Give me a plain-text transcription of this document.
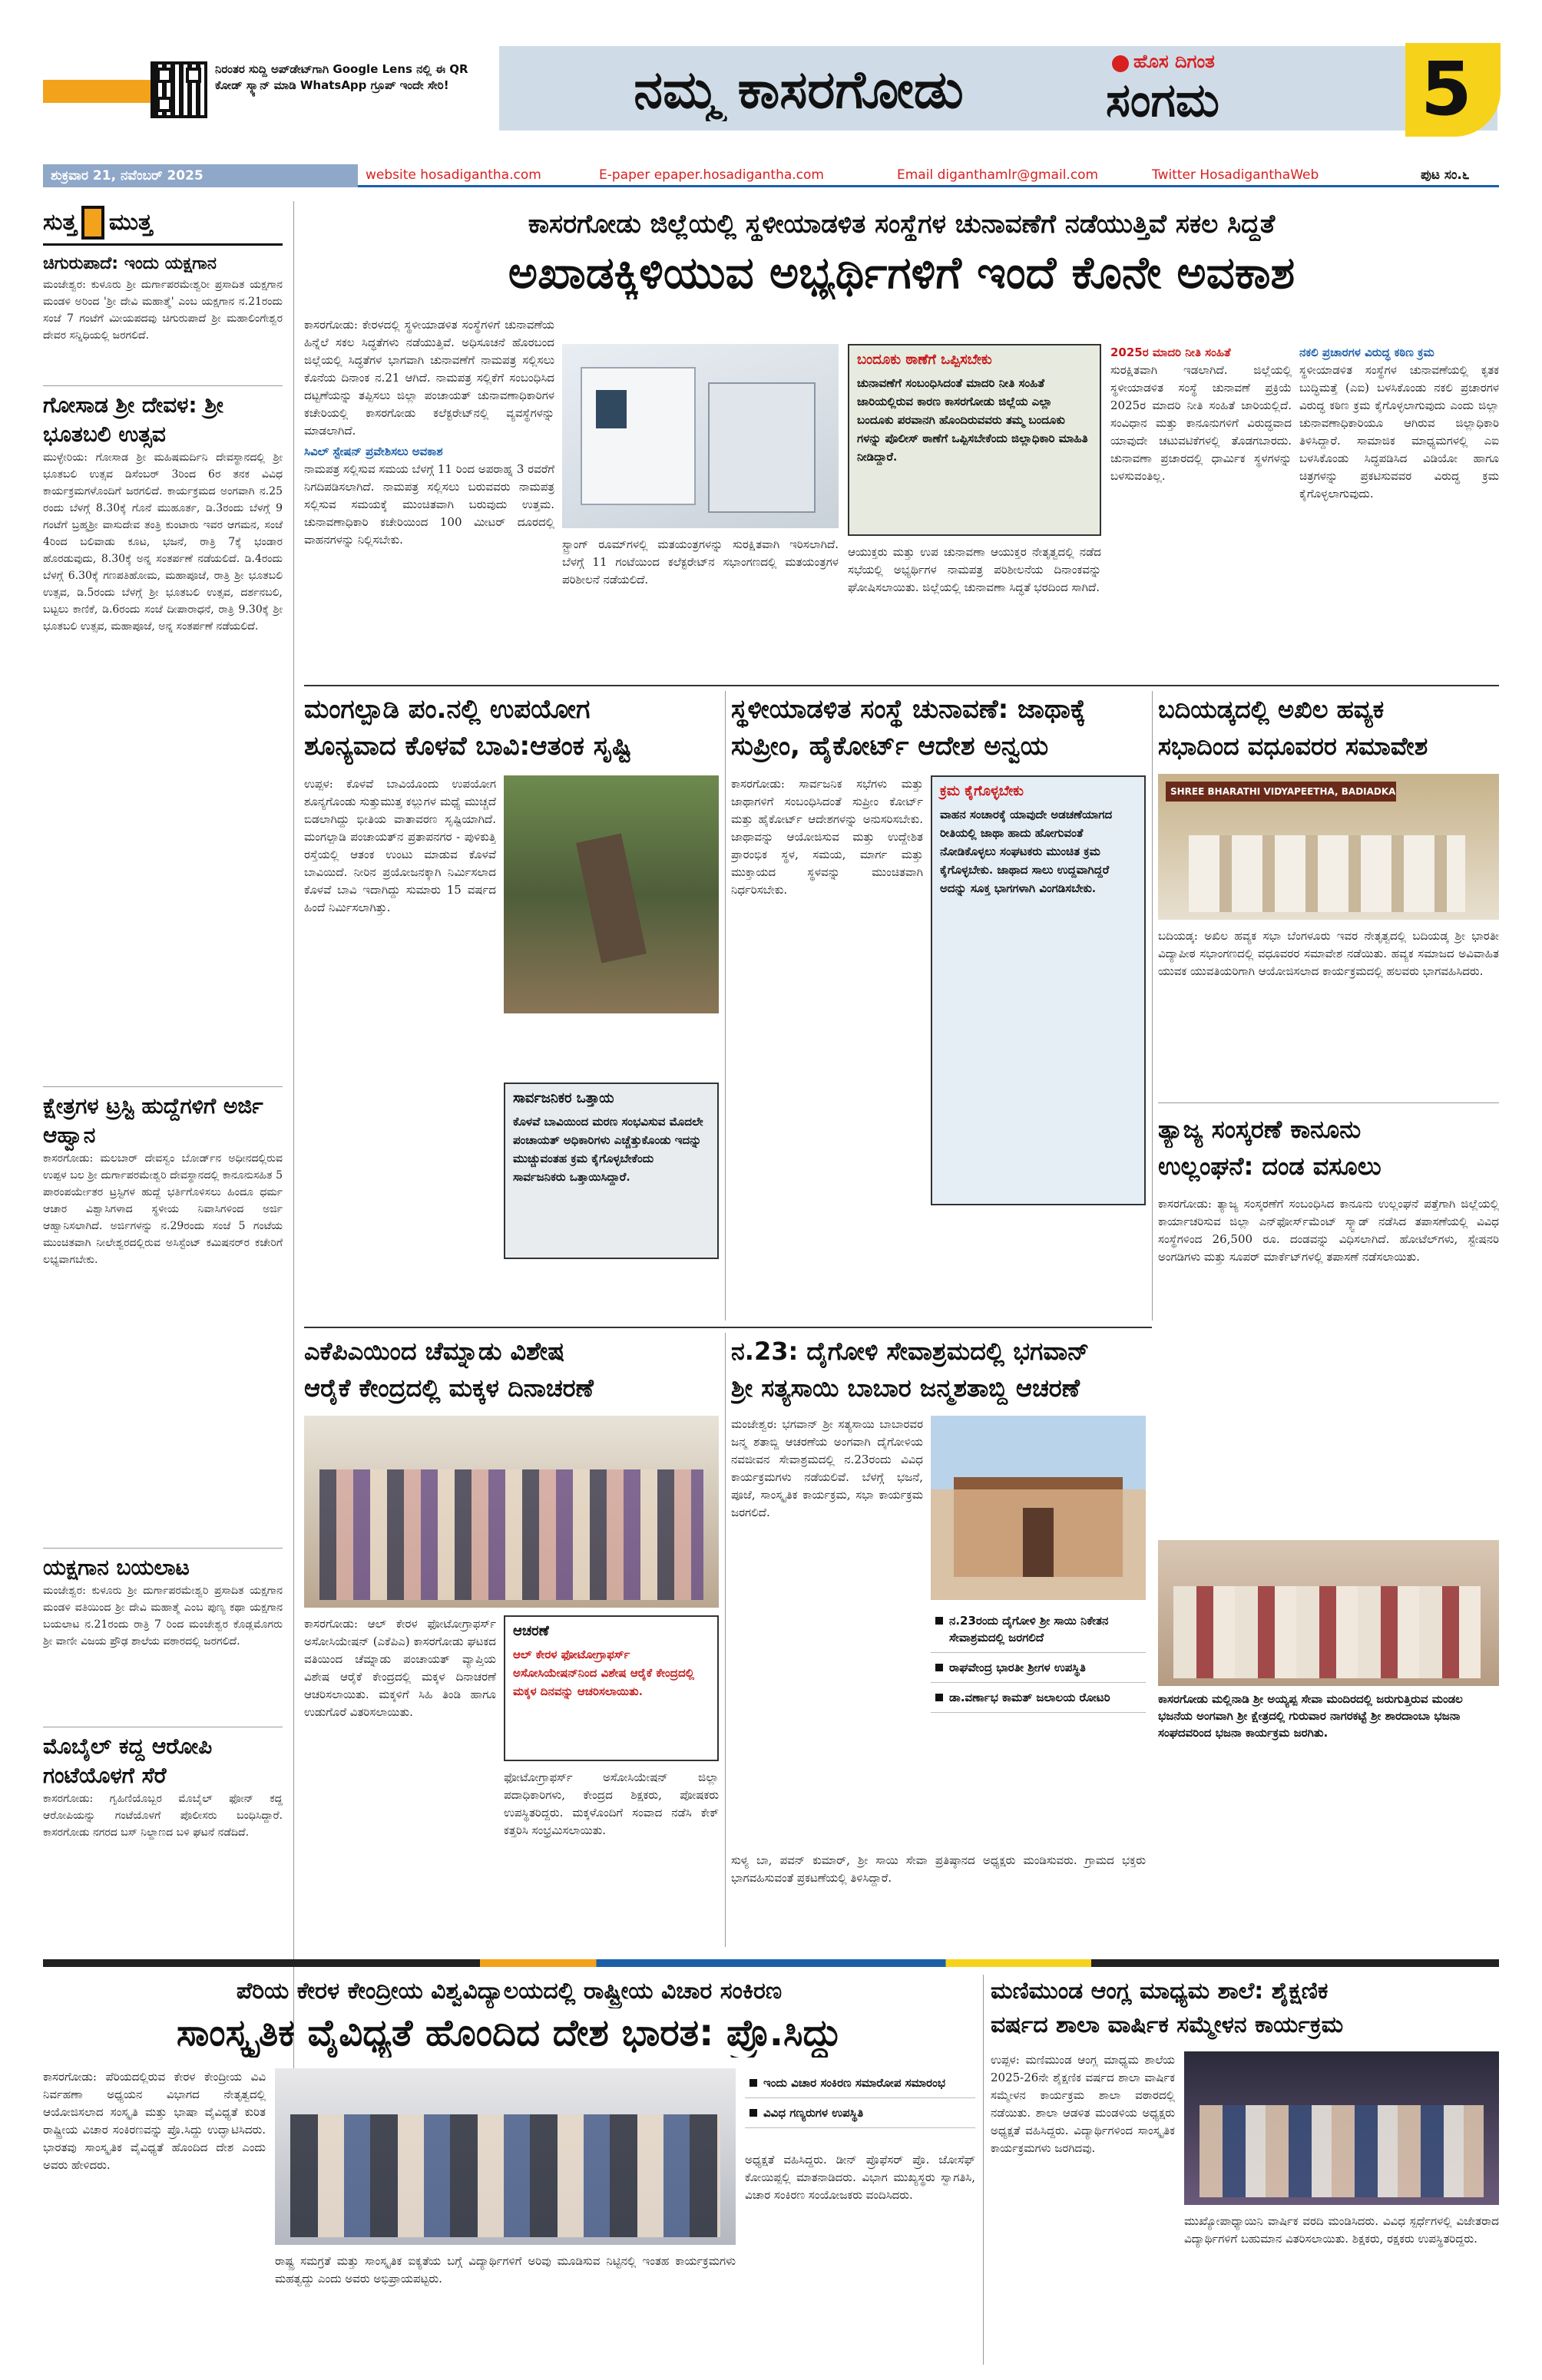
ನಿರಂತರ ಸುದ್ದಿ ಅಪ್‌ಡೇಟ್‌ಗಾಗಿ Google Lens ನಲ್ಲಿ ಈ QR ಕೋಡ್ ಸ್ಕ್ಯಾನ್ ಮಾಡಿ WhatsApp ಗ್ರೂಪ್ ಇಂದೇ ಸೇರಿ!	ನಮ್ಮ ಕಾಸರಗೋಡು	ಹೊಸ ದಿಗಂತ
ಸಂಗಮ	5
ಶುಕ್ರವಾರ 21, ನವೆಂಬರ್ 2025	website hosadigantha.com	E-paper epaper.hosadigantha.com	Email diganthamlr@gmail.com	Twitter HosadiganthaWeb	ಪುಟ ಸಂ.೬
ಸುತ್ತ ಮುತ್ತ
ಚಿಗುರುಪಾದೆ: ಇಂದು ಯಕ್ಷಗಾನ
ಮಂಜೇಶ್ವರ: ಕುಳೂರು ಶ್ರೀ ದುರ್ಗಾಪರಮೇಶ್ವರೀ ಪ್ರಸಾದಿತ ಯಕ್ಷಗಾನ ಮಂಡಳಿ ಅರಿಂದ 'ಶ್ರೀ ದೇವಿ ಮಹಾತ್ಮೆ' ಎಂಬ ಯಕ್ಷಗಾನ ನ.21ರಂದು ಸಂಜೆ 7 ಗಂಟೆಗೆ ಮೀಯಪದವು ಚಿಗುರುಪಾದೆ ಶ್ರೀ ಮಹಾಲಿಂಗೇಶ್ವರ ದೇವರ ಸನ್ನಿಧಿಯಲ್ಲಿ ಜರಗಲಿದೆ.
ಗೋಸಾಡ ಶ್ರೀ ದೇವಳ: ಶ್ರೀ ಭೂತಬಲಿ ಉತ್ಸವ
ಮುಳ್ಳೇರಿಯ: ಗೋಸಾಡ ಶ್ರೀ ಮಹಿಷಮರ್ದಿನಿ ದೇವಸ್ಥಾನದಲ್ಲಿ ಶ್ರೀ ಭೂತಬಲಿ ಉತ್ಸವ ಡಿಸೆಂಬರ್ 3ರಿಂದ 6ರ ತನಕ ವಿವಿಧ ಕಾರ್ಯಕ್ರಮಗಳೊಂದಿಗೆ ಜರಗಲಿದೆ. ಕಾರ್ಯಕ್ರಮದ ಅಂಗವಾಗಿ ನ.25 ರಂದು ಬೆಳಗ್ಗೆ 8.30ಕ್ಕೆ ಗೊನೆ ಮುಹೂರ್ತ, ಡಿ.3ರಂದು ಬೆಳಗ್ಗೆ 9 ಗಂಟೆಗೆ ಬ್ರಹ್ಮಶ್ರೀ ವಾಸುದೇವ ತಂತ್ರಿ ಕುಂಟಾರು ಇವರ ಆಗಮನ, ಸಂಜೆ 4ರಿಂದ ಬಲಿವಾಡು ಕೂಟ, ಭಜನೆ, ರಾತ್ರಿ 7ಕ್ಕೆ ಭಂಡಾರ ಹೊರಡುವುದು, 8.30ಕ್ಕೆ ಅನ್ನ ಸಂತರ್ಪಣೆ ನಡೆಯಲಿದೆ. ಡಿ.4ರಂದು ಬೆಳಗ್ಗೆ 6.30ಕ್ಕೆ ಗಣಪತಿಹೋಮ, ಮಹಾಪೂಜೆ, ರಾತ್ರಿ ಶ್ರೀ ಭೂತಬಲಿ ಉತ್ಸವ, ಡಿ.5ರಂದು ಬೆಳಗ್ಗೆ ಶ್ರೀ ಭೂತಬಲಿ ಉತ್ಸವ, ದರ್ಶನಬಲಿ, ಬಟ್ಟಲು ಕಾಣಿಕೆ, ಡಿ.6ರಂದು ಸಂಜೆ ದೀಪಾರಾಧನೆ, ರಾತ್ರಿ 9.30ಕ್ಕೆ ಶ್ರೀ ಭೂತಬಲಿ ಉತ್ಸವ, ಮಹಾಪೂಜೆ, ಅನ್ನ ಸಂತರ್ಪಣೆ ನಡೆಯಲಿದೆ.
ಕ್ಷೇತ್ರಗಳ ಟ್ರಸ್ಟಿ ಹುದ್ದೆಗಳಿಗೆ ಅರ್ಜಿ ಆಹ್ವಾನ
ಕಾಸರಗೋಡು: ಮಲಬಾರ್ ದೇವಸ್ವಂ ಬೋರ್ಡ್‌ನ ಅಧೀನದಲ್ಲಿರುವ ಉಪ್ಪಳ ಬಲ ಶ್ರೀ ದುರ್ಗಾಪರಮೇಶ್ವರಿ ದೇವಸ್ಥಾನದಲ್ಲಿ ಕಾನೂನುಸಹಿತ 5 ಪಾರಂಪರ್ಯೇತರ ಟ್ರಸ್ಟಿಗಳ ಹುದ್ದೆ ಭರ್ತಿಗೊಳಿಸಲು ಹಿಂದೂ ಧರ್ಮ ಆಚಾರ ವಿಶ್ವಾಸಿಗಳಾದ ಸ್ಥಳೀಯ ನಿವಾಸಿಗಳಿಂದ ಅರ್ಜಿ ಆಹ್ವಾನಿಸಲಾಗಿದೆ. ಅರ್ಜಿಗಳನ್ನು ನ.29ರಂದು ಸಂಜೆ 5 ಗಂಟೆಯ ಮುಂಚಿತವಾಗಿ ನೀಲೇಶ್ವರದಲ್ಲಿರುವ ಅಸಿಸ್ಟೆಂಟ್ ಕಮಿಷನರ್‌ರ ಕಚೇರಿಗೆ ಲಭ್ಯವಾಗಬೇಕು.
ಯಕ್ಷಗಾನ ಬಯಲಾಟ
ಮಂಜೇಶ್ವರ: ಕುಳೂರು ಶ್ರೀ ದುರ್ಗಾಪರಮೇಶ್ವರಿ ಪ್ರಸಾದಿತ ಯಕ್ಷಗಾನ ಮಂಡಳಿ ವತಿಯಿಂದ ಶ್ರೀ ದೇವಿ ಮಹಾತ್ಮೆ ಎಂಬ ಪುಣ್ಯ ಕಥಾ ಯಕ್ಷಗಾನ ಬಯಲಾಟ ನ.21ರಂದು ರಾತ್ರಿ 7 ರಿಂದ ಮಂಜೇಶ್ವರ ಕೊಡ್ಲಮೊಗರು ಶ್ರೀ ವಾಣೀ ವಿಜಯ ಪ್ರೌಢ ಶಾಲೆಯ ವಠಾರದಲ್ಲಿ ಜರಗಲಿದೆ.
ಮೊಬೈಲ್ ಕದ್ದ ಆರೋಪಿ ಗಂಟೆಯೊಳಗೆ ಸೆರೆ
ಕಾಸರಗೋಡು: ಗೃಹಿಣಿಯೊಬ್ಬರ ಮೊಬೈಲ್ ಫೋನ್ ಕದ್ದ ಆರೋಪಿಯನ್ನು ಗಂಟೆಯೊಳಗೆ ಪೊಲೀಸರು ಬಂಧಿಸಿದ್ದಾರೆ. ಕಾಸರಗೋಡು ನಗರದ ಬಸ್ ನಿಲ್ದಾಣದ ಬಳಿ ಘಟನೆ ನಡೆದಿದೆ.
ಕಾಸರಗೋಡು ಜಿಲ್ಲೆಯಲ್ಲಿ ಸ್ಥಳೀಯಾಡಳಿತ ಸಂಸ್ಥೆಗಳ ಚುನಾವಣೆಗೆ ನಡೆಯುತ್ತಿವೆ ಸಕಲ ಸಿದ್ಧತೆ
ಅಖಾಡಕ್ಕಿಳಿಯುವ ಅಭ್ಯರ್ಥಿಗಳಿಗೆ ಇಂದೆ ಕೊನೇ ಅವಕಾಶ
ಕಾಸರಗೋಡು: ಕೇರಳದಲ್ಲಿ ಸ್ಥಳೀಯಾಡಳಿತ ಸಂಸ್ಥೆಗಳಿಗೆ ಚುನಾವಣೆಯ ಹಿನ್ನೆಲೆ ಸಕಲ ಸಿದ್ಧತೆಗಳು ನಡೆಯುತ್ತಿವೆ. ಅಧಿಸೂಚನೆ ಹೊರಬಂದ ಜಿಲ್ಲೆಯಲ್ಲಿ ಸಿದ್ಧತೆಗಳ ಭಾಗವಾಗಿ ಚುನಾವಣೆಗೆ ನಾಮಪತ್ರ ಸಲ್ಲಿಸಲು ಕೊನೆಯ ದಿನಾಂಕ ನ.21 ಆಗಿದೆ. ನಾಮಪತ್ರ ಸಲ್ಲಿಕೆಗೆ ಸಂಬಂಧಿಸಿದ ದಟ್ಟಣೆಯನ್ನು ತಪ್ಪಿಸಲು ಜಿಲ್ಲಾ ಪಂಚಾಯತ್ ಚುನಾವಣಾಧಿಕಾರಿಗಳ ಕಚೇರಿಯಲ್ಲಿ ಕಾಸರಗೋಡು ಕಲೆಕ್ಟರೇಟ್‌ನಲ್ಲಿ ವ್ಯವಸ್ಥೆಗಳನ್ನು ಮಾಡಲಾಗಿದೆ.
ಸಿವಿಲ್ ಸ್ಟೇಷನ್ ಪ್ರವೇಶಿಸಲು ಅವಕಾಶ
ನಾಮಪತ್ರ ಸಲ್ಲಿಸುವ ಸಮಯ ಬೆಳಗ್ಗೆ 11 ರಿಂದ ಅಪರಾಹ್ನ 3 ರವರೆಗೆ ನಿಗದಿಪಡಿಸಲಾಗಿದೆ. ನಾಮಪತ್ರ ಸಲ್ಲಿಸಲು ಬರುವವರು ನಾಮಪತ್ರ ಸಲ್ಲಿಸುವ ಸಮಯಕ್ಕೆ ಮುಂಚಿತವಾಗಿ ಬರುವುದು ಉತ್ತಮ. ಚುನಾವಣಾಧಿಕಾರಿ ಕಚೇರಿಯಿಂದ 100 ಮೀಟರ್ ದೂರದಲ್ಲಿ ವಾಹನಗಳನ್ನು ನಿಲ್ಲಿಸಬೇಕು.	ಸ್ಟ್ರಾಂಗ್ ರೂಮ್‌ಗಳಲ್ಲಿ ಮತಯಂತ್ರಗಳನ್ನು ಸುರಕ್ಷಿತವಾಗಿ ಇರಿಸಲಾಗಿದೆ. ಬೆಳಗ್ಗೆ 11 ಗಂಟೆಯಿಂದ ಕಲೆಕ್ಟರೇಟ್‌ನ ಸಭಾಂಗಣದಲ್ಲಿ ಮತಯಂತ್ರಗಳ ಪರಿಶೀಲನೆ ನಡೆಯಲಿದೆ.
ಬಂದೂಕು ಠಾಣೆಗೆ ಒಪ್ಪಿಸಬೇಕು
ಚುನಾವಣೆಗೆ ಸಂಬಂಧಿಸಿದಂತೆ ಮಾದರಿ ನೀತಿ ಸಂಹಿತೆ ಜಾರಿಯಲ್ಲಿರುವ ಕಾರಣ ಕಾಸರಗೋಡು ಜಿಲ್ಲೆಯ ಎಲ್ಲಾ ಬಂದೂಕು ಪರವಾನಗಿ ಹೊಂದಿರುವವರು ತಮ್ಮ ಬಂದೂಕು ಗಳನ್ನು ಪೊಲೀಸ್ ಠಾಣೆಗೆ ಒಪ್ಪಿಸಬೇಕೆಂದು ಜಿಲ್ಲಾಧಿಕಾರಿ ಮಾಹಿತಿ ನೀಡಿದ್ದಾರೆ.
ಆಯುಕ್ತರು ಮತ್ತು ಉಪ ಚುನಾವಣಾ ಆಯುಕ್ತರ ನೇತೃತ್ವದಲ್ಲಿ ನಡೆದ ಸಭೆಯಲ್ಲಿ ಅಭ್ಯರ್ಥಿಗಳ ನಾಮಪತ್ರ ಪರಿಶೀಲನೆಯ ದಿನಾಂಕವನ್ನು ಘೋಷಿಸಲಾಯಿತು. ಜಿಲ್ಲೆಯಲ್ಲಿ ಚುನಾವಣಾ ಸಿದ್ಧತೆ ಭರದಿಂದ ಸಾಗಿದೆ.
2025ರ ಮಾದರಿ ನೀತಿ ಸಂಹಿತೆ
ಸುರಕ್ಷಿತವಾಗಿ ಇಡಲಾಗಿದೆ. ಜಿಲ್ಲೆಯಲ್ಲಿ ಸ್ಥಳೀಯಾಡಳಿತ ಸಂಸ್ಥೆ ಚುನಾವಣೆ ಪ್ರಕ್ರಿಯೆ 2025ರ ಮಾದರಿ ನೀತಿ ಸಂಹಿತೆ ಜಾರಿಯಲ್ಲಿದೆ. ಸಂವಿಧಾನ ಮತ್ತು ಕಾನೂನುಗಳಿಗೆ ವಿರುದ್ಧವಾದ ಯಾವುದೇ ಚಟುವಟಿಕೆಗಳಲ್ಲಿ ತೊಡಗಬಾರದು. ಚುನಾವಣಾ ಪ್ರಚಾರದಲ್ಲಿ ಧಾರ್ಮಿಕ ಸ್ಥಳಗಳನ್ನು ಬಳಸುವಂತಿಲ್ಲ.
ನಕಲಿ ಪ್ರಚಾರಗಳ ವಿರುದ್ಧ ಕಠಿಣ ಕ್ರಮ
ಸ್ಥಳೀಯಾಡಳಿತ ಸಂಸ್ಥೆಗಳ ಚುನಾವಣೆಯಲ್ಲಿ ಕೃತಕ ಬುದ್ಧಿಮತ್ತೆ (ಎಐ) ಬಳಸಿಕೊಂಡು ನಕಲಿ ಪ್ರಚಾರಗಳ ವಿರುದ್ಧ ಕಠಿಣ ಕ್ರಮ ಕೈಗೊಳ್ಳಲಾಗುವುದು ಎಂದು ಜಿಲ್ಲಾ ಚುನಾವಣಾಧಿಕಾರಿಯೂ ಆಗಿರುವ ಜಿಲ್ಲಾಧಿಕಾರಿ ತಿಳಿಸಿದ್ದಾರೆ. ಸಾಮಾಜಿಕ ಮಾಧ್ಯಮಗಳಲ್ಲಿ ಎಐ ಬಳಸಿಕೊಂಡು ಸಿದ್ಧಪಡಿಸಿದ ವಿಡಿಯೋ ಹಾಗೂ ಚಿತ್ರಗಳನ್ನು ಪ್ರಕಟಿಸುವವರ ವಿರುದ್ಧ ಕ್ರಮ ಕೈಗೊಳ್ಳಲಾಗುವುದು.
ಮಂಗಲ್ಪಾಡಿ ಪಂ.ನಲ್ಲಿ ಉಪಯೋಗ
ಶೂನ್ಯವಾದ ಕೊಳವೆ ಬಾವಿ:ಆತಂಕ ಸೃಷ್ಟಿ
ಉಪ್ಪಳ: ಕೊಳವೆ ಬಾವಿಯೊಂದು ಉಪಯೋಗ ಶೂನ್ಯಗೊಂಡು ಸುತ್ತುಮುತ್ತ ಕಲ್ಲುಗಳ ಮಧ್ಯೆ ಮುಚ್ಚದೆ ಬಿಡಲಾಗಿದ್ದು ಭೀತಿಯ ವಾತಾವರಣ ಸೃಷ್ಟಿಯಾಗಿದೆ. ಮಂಗಲ್ಪಾಡಿ ಪಂಚಾಯತ್‌ನ ಪ್ರತಾಪನಗರ - ಪುಳಿಕುತ್ತಿ ರಸ್ತೆಯಲ್ಲಿ ಆತಂಕ ಉಂಟು ಮಾಡುವ ಕೊಳವೆ ಬಾವಿಯಿದೆ. ನೀರಿನ ಪ್ರಯೋಜನಕ್ಕಾಗಿ ನಿರ್ಮಿಸಲಾದ ಕೊಳವೆ ಬಾವಿ ಇದಾಗಿದ್ದು ಸುಮಾರು 15 ವರ್ಷದ ಹಿಂದೆ ನಿರ್ಮಿಸಲಾಗಿತ್ತು.
ಸಾರ್ವಜನಿಕರ ಒತ್ತಾಯ
ಕೊಳವೆ ಬಾವಿಯಿಂದ ಮರಣ ಸಂಭವಿಸುವ ಮೊದಲೇ ಪಂಚಾಯತ್ ಅಧಿಕಾರಿಗಳು ಎಚ್ಚೆತ್ತುಕೊಂಡು ಇದನ್ನು ಮುಚ್ಚುವಂತಹ ಕ್ರಮ ಕೈಗೊಳ್ಳಬೇಕೆಂದು ಸಾರ್ವಜನಿಕರು ಒತ್ತಾಯಿಸಿದ್ದಾರೆ.
ಸ್ಥಳೀಯಾಡಳಿತ ಸಂಸ್ಥೆ ಚುನಾವಣೆ: ಜಾಥಾಕ್ಕೆ
ಸುಪ್ರೀಂ, ಹೈಕೋರ್ಟ್ ಆದೇಶ ಅನ್ವಯ
ಕಾಸರಗೋಡು: ಸಾರ್ವಜನಿಕ ಸಭೆಗಳು ಮತ್ತು ಜಾಥಾಗಳಿಗೆ ಸಂಬಂಧಿಸಿದಂತೆ ಸುಪ್ರೀಂ ಕೋರ್ಟ್ ಮತ್ತು ಹೈಕೋರ್ಟ್ ಆದೇಶಗಳನ್ನು ಅನುಸರಿಸಬೇಕು. ಜಾಥಾವನ್ನು ಆಯೋಜಿಸುವ ಮತ್ತು ಉದ್ದೇಶಿತ ಪ್ರಾರಂಭಿಕ ಸ್ಥಳ, ಸಮಯ, ಮಾರ್ಗ ಮತ್ತು ಮುಕ್ತಾಯದ ಸ್ಥಳವನ್ನು ಮುಂಚಿತವಾಗಿ ನಿರ್ಧರಿಸಬೇಕು.
ಕ್ರಮ ಕೈಗೊಳ್ಳಬೇಕು
ವಾಹನ ಸಂಚಾರಕ್ಕೆ ಯಾವುದೇ ಅಡಚಣೆಯಾಗದ ರೀತಿಯಲ್ಲಿ ಜಾಥಾ ಹಾದು ಹೋಗುವಂತೆ ನೋಡಿಕೊಳ್ಳಲು ಸಂಘಟಕರು ಮುಂಚಿತ ಕ್ರಮ ಕೈಗೊಳ್ಳಬೇಕು. ಜಾಥಾದ ಸಾಲು ಉದ್ದವಾಗಿದ್ದರೆ ಅದನ್ನು ಸೂಕ್ತ ಭಾಗಗಳಾಗಿ ವಿಂಗಡಿಸಬೇಕು.
ಬದಿಯಡ್ಕದಲ್ಲಿ ಅಖಿಲ ಹವ್ಯಕ
ಸಭಾದಿಂದ ವಧೂವರರ ಸಮಾವೇಶ
SHREE BHARATHI VIDYAPEETHA, BADIADKA
ಬದಿಯಡ್ಕ: ಅಖಿಲ ಹವ್ಯಕ ಸಭಾ ಬೆಂಗಳೂರು ಇವರ ನೇತೃತ್ವದಲ್ಲಿ ಬದಿಯಡ್ಕ ಶ್ರೀ ಭಾರತೀ ವಿದ್ಯಾಪೀಠ ಸಭಾಂಗಣದಲ್ಲಿ ವಧೂವರರ ಸಮಾವೇಶ ನಡೆಯಿತು. ಹವ್ಯಕ ಸಮಾಜದ ಅವಿವಾಹಿತ ಯುವಕ ಯುವತಿಯರಿಗಾಗಿ ಆಯೋಜಿಸಲಾದ ಕಾರ್ಯಕ್ರಮದಲ್ಲಿ ಹಲವರು ಭಾಗವಹಿಸಿದರು.
ತ್ಯಾಜ್ಯ ಸಂಸ್ಕರಣೆ ಕಾನೂನು
ಉಲ್ಲಂಘನೆ: ದಂಡ ವಸೂಲು
ಕಾಸರಗೋಡು: ತ್ಯಾಜ್ಯ ಸಂಸ್ಕರಣೆಗೆ ಸಂಬಂಧಿಸಿದ ಕಾನೂನು ಉಲ್ಲಂಘನೆ ಪತ್ತೆಗಾಗಿ ಜಿಲ್ಲೆಯಲ್ಲಿ ಕಾರ್ಯಾಚರಿಸುವ ಜಿಲ್ಲಾ ಎನ್‌ಫೋರ್ಸ್‌ಮೆಂಟ್ ಸ್ಕ್ವಾಡ್ ನಡೆಸಿದ ತಪಾಸಣೆಯಲ್ಲಿ ವಿವಿಧ ಸಂಸ್ಥೆಗಳಿಂದ 26,500 ರೂ. ದಂಡವನ್ನು ವಿಧಿಸಲಾಗಿದೆ. ಹೋಟೆಲ್‌ಗಳು, ಸ್ಟೇಷನರಿ ಅಂಗಡಿಗಳು ಮತ್ತು ಸೂಪರ್ ಮಾರ್ಕೆಟ್‌ಗಳಲ್ಲಿ ತಪಾಸಣೆ ನಡೆಸಲಾಯಿತು.
ಎಕೆಪಿಎಯಿಂದ ಚೆಮ್ನಾಡು ವಿಶೇಷ
ಆರೈಕೆ ಕೇಂದ್ರದಲ್ಲಿ ಮಕ್ಕಳ ದಿನಾಚರಣೆ
ಕಾಸರಗೋಡು: ಆಲ್ ಕೇರಳ ಫೋಟೋಗ್ರಾಫರ್ಸ್ ಅಸೋಸಿಯೇಷನ್ (ಎಕೆಪಿಎ) ಕಾಸರಗೋಡು ಘಟಕದ ವತಿಯಿಂದ ಚೆಮ್ನಾಡು ಪಂಚಾಯತ್ ವ್ಯಾಪ್ತಿಯ ವಿಶೇಷ ಆರೈಕೆ ಕೇಂದ್ರದಲ್ಲಿ ಮಕ್ಕಳ ದಿನಾಚರಣೆ ಆಚರಿಸಲಾಯಿತು. ಮಕ್ಕಳಿಗೆ ಸಿಹಿ ತಿಂಡಿ ಹಾಗೂ ಉಡುಗೊರೆ ವಿತರಿಸಲಾಯಿತು.
ಆಚರಣೆ
ಆಲ್ ಕೇರಳ ಫೋಟೋಗ್ರಾಫರ್ಸ್ ಅಸೋಸಿಯೇಷನ್‌ನಿಂದ ವಿಶೇಷ ಆರೈಕೆ ಕೇಂದ್ರದಲ್ಲಿ ಮಕ್ಕಳ ದಿನವನ್ನು ಆಚರಿಸಲಾಯಿತು.
ಫೋಟೋಗ್ರಾಫರ್ಸ್ ಅಸೋಸಿಯೇಷನ್ ಜಿಲ್ಲಾ ಪದಾಧಿಕಾರಿಗಳು, ಕೇಂದ್ರದ ಶಿಕ್ಷಕರು, ಪೋಷಕರು ಉಪಸ್ಥಿತರಿದ್ದರು. ಮಕ್ಕಳೊಂದಿಗೆ ಸಂವಾದ ನಡೆಸಿ ಕೇಕ್ ಕತ್ತರಿಸಿ ಸಂಭ್ರಮಿಸಲಾಯಿತು.
ನ.23: ದೈಗೋಳಿ ಸೇವಾಶ್ರಮದಲ್ಲಿ ಭಗವಾನ್
ಶ್ರೀ ಸತ್ಯಸಾಯಿ ಬಾಬಾರ ಜನ್ಮಶತಾಬ್ದಿ ಆಚರಣೆ
ಮಂಜೇಶ್ವರ: ಭಗವಾನ್ ಶ್ರೀ ಸತ್ಯಸಾಯಿ ಬಾಬಾರವರ ಜನ್ಮ ಶತಾಬ್ದಿ ಆಚರಣೆಯ ಅಂಗವಾಗಿ ದೈಗೋಳಿಯ ನವಜೀವನ ಸೇವಾಶ್ರಮದಲ್ಲಿ ನ.23ರಂದು ವಿವಿಧ ಕಾರ್ಯಕ್ರಮಗಳು ನಡೆಯಲಿವೆ. ಬೆಳಗ್ಗೆ ಭಜನೆ, ಪೂಜೆ, ಸಾಂಸ್ಕೃತಿಕ ಕಾರ್ಯಕ್ರಮ, ಸಭಾ ಕಾರ್ಯಕ್ರಮ ಜರಗಲಿದೆ.
ನ.23ರಂದು ದೈಗೋಳಿ ಶ್ರೀ ಸಾಯಿ ನಿಕೇತನ ಸೇವಾಶ್ರಮದಲ್ಲಿ ಜರಗಲಿದೆ
ರಾಘವೇಂದ್ರ ಭಾರತೀ ಶ್ರೀಗಳ ಉಪಸ್ಥಿತಿ
ಡಾ.ವರ್ಣಾಭ ಕಾಮತ್ ಜಲಾಲಯ ರೋಟರಿ
ಸುಳ್ಯ ಬಾ, ಪವನ್ ಕುಮಾರ್, ಶ್ರೀ ಸಾಯಿ ಸೇವಾ ಪ್ರತಿಷ್ಠಾನದ ಅಧ್ಯಕ್ಷರು ಮಂಡಿಸುವರು. ಗ್ರಾಮದ ಭಕ್ತರು ಭಾಗವಹಿಸುವಂತೆ ಪ್ರಕಟಣೆಯಲ್ಲಿ ತಿಳಿಸಿದ್ದಾರೆ.
ಕಾಸರಗೋಡು ಮಲ್ಲಿನಾಡಿ ಶ್ರೀ ಅಯ್ಯಪ್ಪ ಸೇವಾ ಮಂದಿರದಲ್ಲಿ ಜರುಗುತ್ತಿರುವ ಮಂಡಲ ಭಜನೆಯ ಅಂಗವಾಗಿ ಶ್ರೀ ಕ್ಷೇತ್ರದಲ್ಲಿ ಗುರುವಾರ ನಾಗರಕಟ್ಟೆ ಶ್ರೀ ಶಾರದಾಂಬಾ ಭಜನಾ ಸಂಘದವರಿಂದ ಭಜನಾ ಕಾರ್ಯಕ್ರಮ ಜರಗಿತು.
ಪೆರಿಯ ಕೇರಳ ಕೇಂದ್ರೀಯ ವಿಶ್ವವಿದ್ಯಾಲಯದಲ್ಲಿ ರಾಷ್ಟ್ರೀಯ ವಿಚಾರ ಸಂಕಿರಣ
ಸಾಂಸ್ಕೃತಿಕ ವೈವಿಧ್ಯತೆ ಹೊಂದಿದ ದೇಶ ಭಾರತ: ಪ್ರೊ.ಸಿದ್ದು
ಕಾಸರಗೋಡು: ಪೆರಿಯದಲ್ಲಿರುವ ಕೇರಳ ಕೇಂದ್ರೀಯ ವಿವಿ ನಿರ್ವಹಣಾ ಅಧ್ಯಯನ ವಿಭಾಗದ ನೇತೃತ್ವದಲ್ಲಿ ಆಯೋಜಿಸಲಾದ ಸಂಸ್ಕೃತಿ ಮತ್ತು ಭಾಷಾ ವೈವಿಧ್ಯತೆ ಕುರಿತ ರಾಷ್ಟ್ರೀಯ ವಿಚಾರ ಸಂಕಿರಣವನ್ನು ಪ್ರೊ.ಸಿದ್ದು ಉದ್ಘಾಟಿಸಿದರು. ಭಾರತವು ಸಾಂಸ್ಕೃತಿಕ ವೈವಿಧ್ಯತೆ ಹೊಂದಿದ ದೇಶ ಎಂದು ಅವರು ಹೇಳಿದರು.
ರಾಷ್ಟ್ರ ಸಮಗ್ರತೆ ಮತ್ತು ಸಾಂಸ್ಕೃತಿಕ ಐಕ್ಯತೆಯ ಬಗ್ಗೆ ವಿದ್ಯಾರ್ಥಿಗಳಿಗೆ ಅರಿವು ಮೂಡಿಸುವ ನಿಟ್ಟಿನಲ್ಲಿ ಇಂತಹ ಕಾರ್ಯಕ್ರಮಗಳು ಮಹತ್ವದ್ದು ಎಂದು ಅವರು ಅಭಿಪ್ರಾಯಪಟ್ಟರು.
ಇಂದು ವಿಚಾರ ಸಂಕಿರಣ ಸಮಾರೋಪ ಸಮಾರಂಭ
ವಿವಿಧ ಗಣ್ಯರುಗಳ ಉಪಸ್ಥಿತಿ
ಅಧ್ಯಕ್ಷತೆ ವಹಿಸಿದ್ದರು. ಡೀನ್ ಪ್ರೊಫೆಸರ್ ಪ್ರೊ. ಜೋಸೆಫ್ ಕೋಯಿಪ್ಪಲ್ಲಿ ಮಾತನಾಡಿದರು. ವಿಭಾಗ ಮುಖ್ಯಸ್ಥರು ಸ್ವಾಗತಿಸಿ, ವಿಚಾರ ಸಂಕಿರಣ ಸಂಯೋಜಕರು ವಂದಿಸಿದರು.
ಮಣಿಮುಂಡ ಆಂಗ್ಲ ಮಾಧ್ಯಮ ಶಾಲೆ: ಶೈಕ್ಷಣಿಕ
ವರ್ಷದ ಶಾಲಾ ವಾರ್ಷಿಕ ಸಮ್ಮೇಳನ ಕಾರ್ಯಕ್ರಮ
ಉಪ್ಪಳ: ಮಣಿಮುಂಡ ಆಂಗ್ಲ ಮಾಧ್ಯಮ ಶಾಲೆಯ 2025-26ನೇ ಶೈಕ್ಷಣಿಕ ವರ್ಷದ ಶಾಲಾ ವಾರ್ಷಿಕ ಸಮ್ಮೇಳನ ಕಾರ್ಯಕ್ರಮ ಶಾಲಾ ವಠಾರದಲ್ಲಿ ನಡೆಯಿತು. ಶಾಲಾ ಆಡಳಿತ ಮಂಡಳಿಯ ಅಧ್ಯಕ್ಷರು ಅಧ್ಯಕ್ಷತೆ ವಹಿಸಿದ್ದರು. ವಿದ್ಯಾರ್ಥಿಗಳಿಂದ ಸಾಂಸ್ಕೃತಿಕ ಕಾರ್ಯಕ್ರಮಗಳು ಜರಗಿದವು.
ಮುಖ್ಯೋಪಾಧ್ಯಾಯಿನಿ ವಾರ್ಷಿಕ ವರದಿ ಮಂಡಿಸಿದರು. ವಿವಿಧ ಸ್ಪರ್ಧೆಗಳಲ್ಲಿ ವಿಜೇತರಾದ ವಿದ್ಯಾರ್ಥಿಗಳಿಗೆ ಬಹುಮಾನ ವಿತರಿಸಲಾಯಿತು. ಶಿಕ್ಷಕರು, ರಕ್ಷಕರು ಉಪಸ್ಥಿತರಿದ್ದರು.
